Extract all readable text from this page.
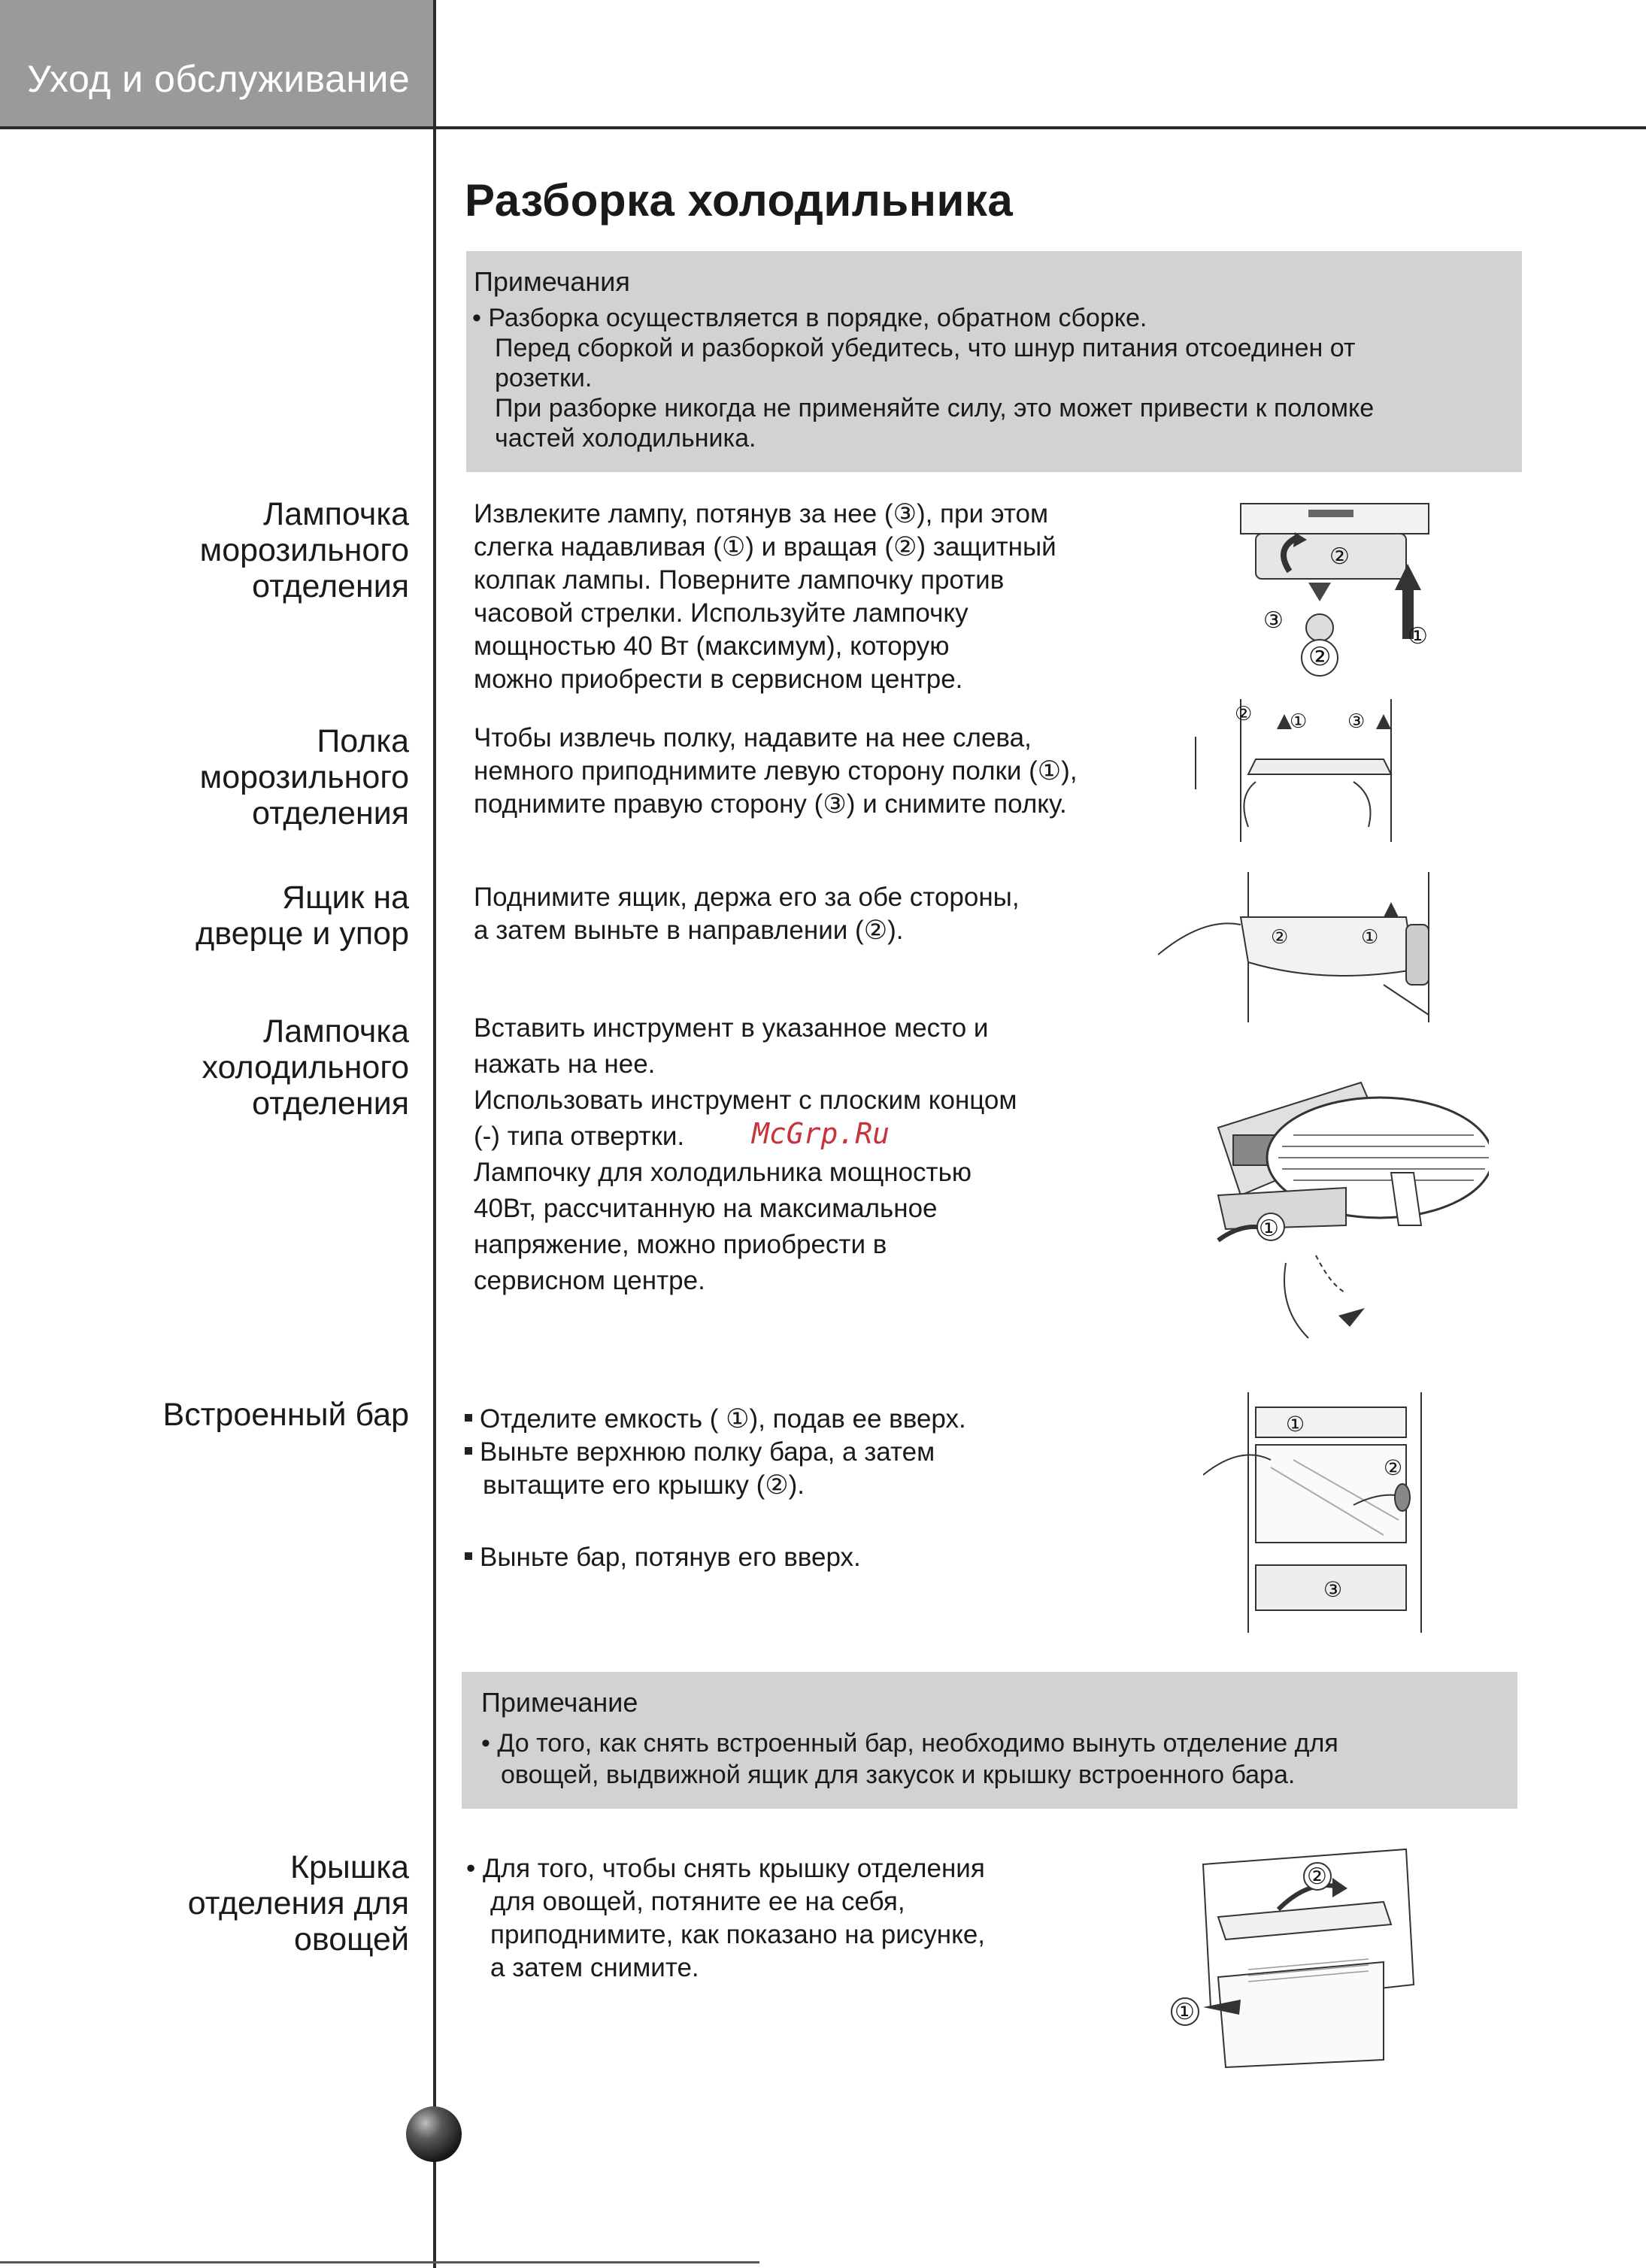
Уход и обслуживание
Разборка холодильника
Примечания
• Разборка осуществляется в порядке, обратном сборке.
Перед сборкой и разборкой убедитесь, что шнур питания отсоединен от
розетки.
При разборке никогда не применяйте силу, это может привести к поломке
частей холодильника.
Лампочка
морозильного
отделения
Извлеките лампу, потянув за нее (③), при этом
слегка надавливая (①) и вращая (②) защитный
колпак лампы. Поверните лампочку против
часовой стрелки. Используйте лампочку
мощностью 40 Вт (максимум), которую
можно приобрести в сервисном центре.
②
③
①
②
Полка
морозильного
отделения
Чтобы извлечь полку, надавите на нее слева,
немного приподнимите левую сторону полки (①),
поднимите правую сторону (③) и снимите полку.
② ① ③
Ящик на
дверце и упор
Поднимите ящик, держа его за обе стороны,
а затем выньте в направлении (②).	②	①
Лампочка
холодильного
отделения
Вставить инструмент в указанное место и
нажать на нее.
Использовать инструмент с плоским концом
(-) типа отвертки.
Лампочку для холодильника мощностью
40Вт, рассчитанную на максимальное
напряжение, можно приобрести в
сервисном центре.
McGrp.Ru
①
Встроенный бар	Отделите емкость ( ①), подав ее вверх.
Выньте верхнюю полку бара, а затем
вытащите его крышку (②).
Выньте бар, потянув его вверх.
①
②
③
Примечание
• До того, как снять встроенный бар, необходимо вынуть отделение для
овощей, выдвижной ящик для закусок и крышку встроенного бара.
Крышка
отделения для
овощей
• Для того, чтобы снять крышку отделения
для овощей, потяните ее на себя,
приподнимите, как показано на рисунке,
а затем снимите.
①
②
